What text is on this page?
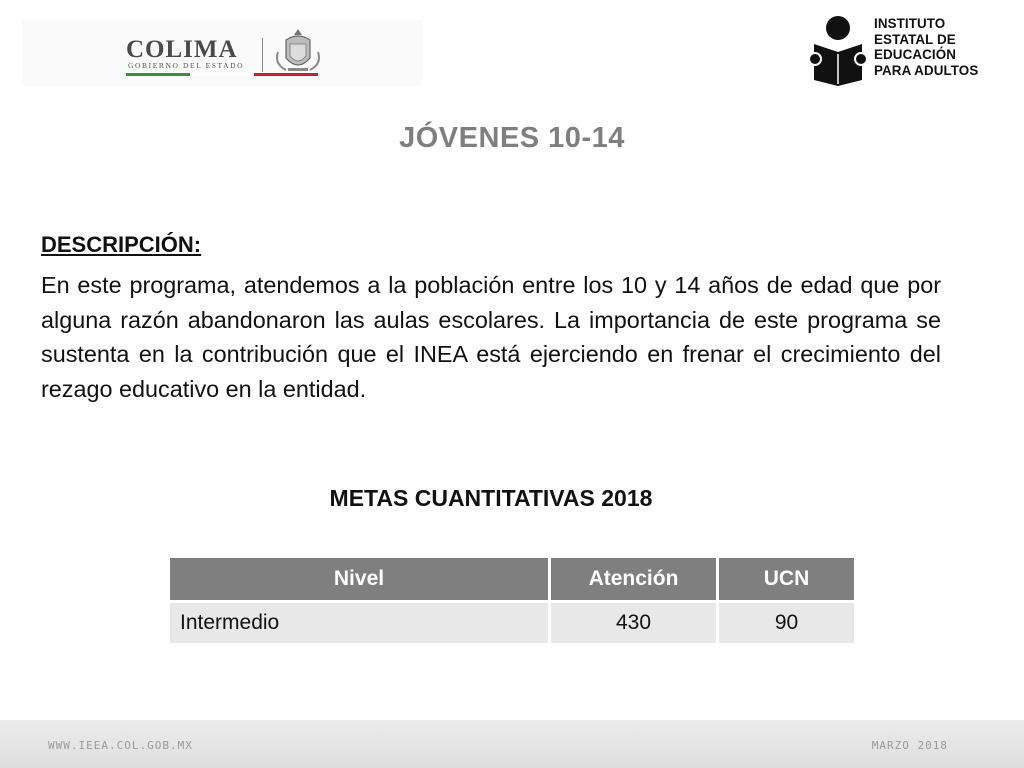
COLIMA
GOBIERNO DEL ESTADO
INSTITUTO
ESTATAL DE
EDUCACIÓN
PARA ADULTOS
JÓVENES 10-14
DESCRIPCIÓN:
En este programa, atendemos a la población entre los 10 y 14 años de edad que por alguna razón abandonaron las aulas escolares. La importancia de este programa se sustenta en la contribución que el INEA está ejerciendo en frenar el crecimiento del rezago educativo en la entidad.
METAS CUANTITATIVAS 2018
Nivel	Atención	UCN
Intermedio	430	90
WWW.IEEA.COL.GOB.MX	MARZO 2018
